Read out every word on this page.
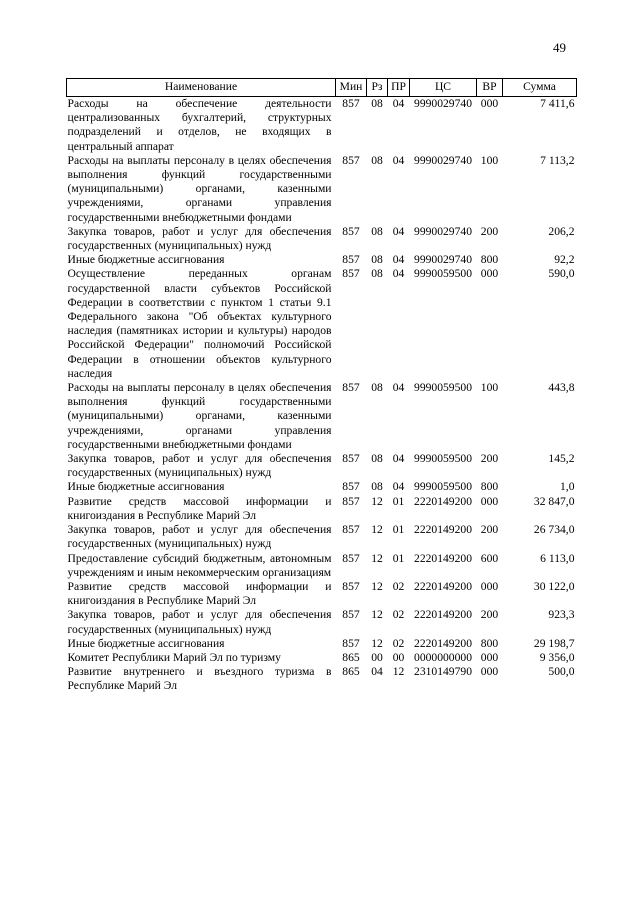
49
Наименование	Мин	Рз	ПР	ЦС	ВР	Сумма
Расходы на обеспечение деятельности централизованных бухгалтерий, структурных подразделений и отделов, не входящих в центральный аппарат	857	08	04	9990029740	000	7 411,6
Расходы на выплаты персоналу в целях обеспечения выполнения функций государственными (муниципальными) органами, казенными учреждениями, органами управления государственными внебюджетными фондами	857	08	04	9990029740	100	7 113,2
Закупка товаров, работ и услуг для обеспечения государственных (муниципальных) нужд	857	08	04	9990029740	200	206,2
Иные бюджетные ассигнования	857	08	04	9990029740	800	92,2
Осуществление переданных органам государственной власти субъектов Российской Федерации в соответствии с пунктом 1 статьи 9.1 Федерального закона "Об объектах культурного наследия (памятниках истории и культуры) народов Российской Федерации" полномочий Российской Федерации в отношении объектов культурного наследия	857	08	04	9990059500	000	590,0
Расходы на выплаты персоналу в целях обеспечения выполнения функций государственными (муниципальными) органами, казенными учреждениями, органами управления государственными внебюджетными фондами	857	08	04	9990059500	100	443,8
Закупка товаров, работ и услуг для обеспечения государственных (муниципальных) нужд	857	08	04	9990059500	200	145,2
Иные бюджетные ассигнования	857	08	04	9990059500	800	1,0
Развитие средств массовой информации и книгоиздания в Республике Марий Эл	857	12	01	2220149200	000	32 847,0
Закупка товаров, работ и услуг для обеспечения государственных (муниципальных) нужд	857	12	01	2220149200	200	26 734,0
Предоставление субсидий бюджетным, автономным учреждениям и иным некоммерческим организациям	857	12	01	2220149200	600	6 113,0
Развитие средств массовой информации и книгоиздания в Республике Марий Эл	857	12	02	2220149200	000	30 122,0
Закупка товаров, работ и услуг для обеспечения государственных (муниципальных) нужд	857	12	02	2220149200	200	923,3
Иные бюджетные ассигнования	857	12	02	2220149200	800	29 198,7
Комитет Республики Марий Эл по туризму	865	00	00	0000000000	000	9 356,0
Развитие внутреннего и въездного туризма в Республике Марий Эл	865	04	12	2310149790	000	500,0
